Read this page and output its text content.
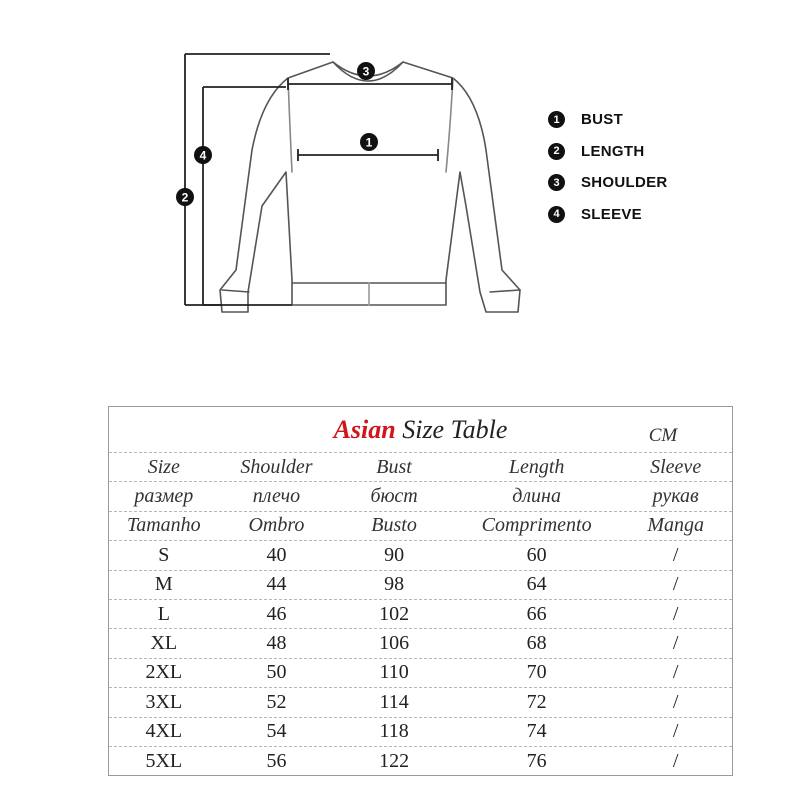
3
1
4
2
1	BUST
2	LENGTH
3	SHOULDER
4	SLEEVE
Asian Size Table	CM
Size	Shoulder	Bust	Length	Sleeve
размер	плечо	бюст	длина	рукав
Tamanho	Ombro	Busto	Comprimento	Manga
S	40	90	60	/
M	44	98	64	/
L	46	102	66	/
XL	48	106	68	/
2XL	50	110	70	/
3XL	52	114	72	/
4XL	54	118	74	/
5XL	56	122	76	/
